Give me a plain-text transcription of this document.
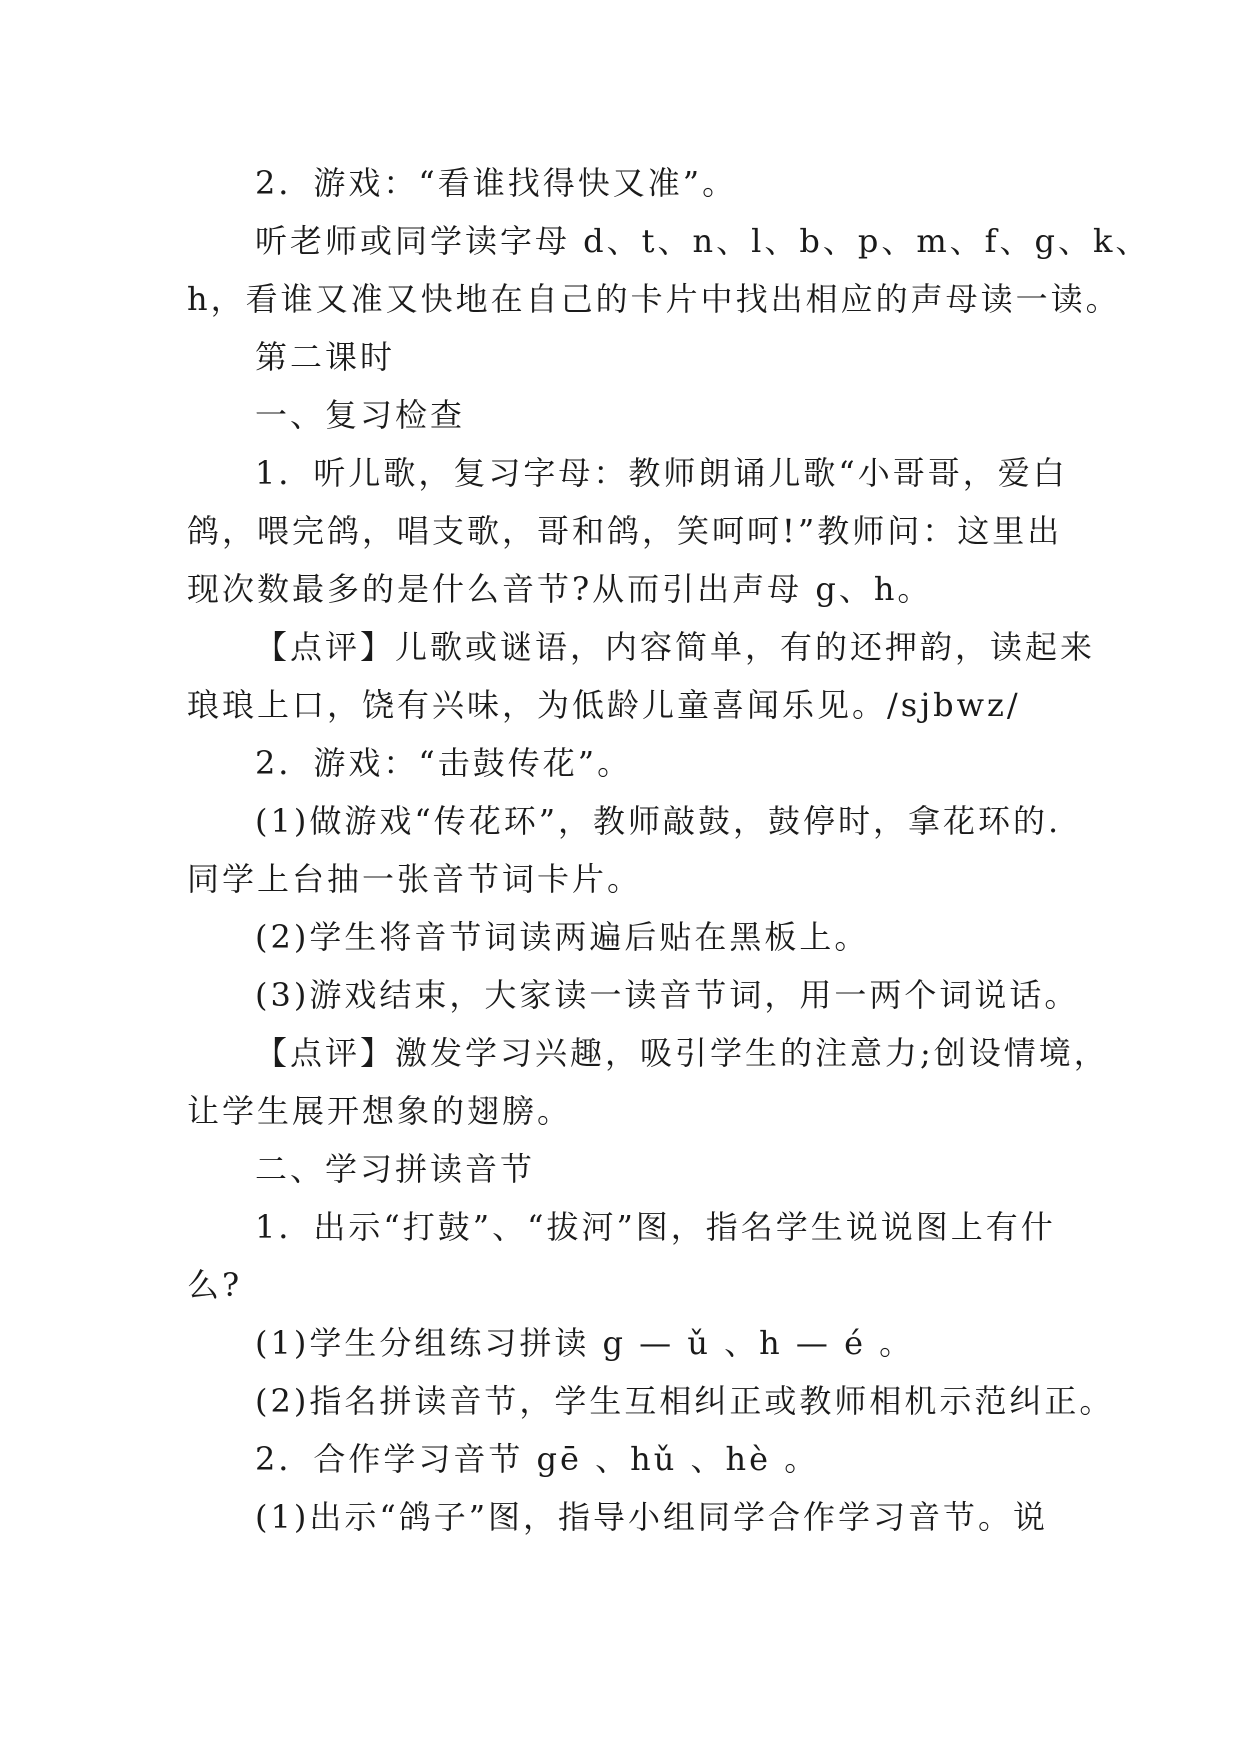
2．游戏：“看谁找得快又准”。
听老师或同学读字母 d、t、n、l、b、p、m、f、g、k、
h，看谁又准又快地在自己的卡片中找出相应的声母读一读。
第二课时
一、复习检查
1．听儿歌，复习字母：教师朗诵儿歌“小哥哥，爱白
鸽，喂完鸽，唱支歌，哥和鸽，笑呵呵!”教师问：这里出
现次数最多的是什么音节?从而引出声母 g、h。
【点评】儿歌或谜语，内容简单，有的还押韵，读起来
琅琅上口，饶有兴味，为低龄儿童喜闻乐见。/sjbwz/
2．游戏：“击鼓传花”。
(1)做游戏“传花环”，教师敲鼓，鼓停时，拿花环的.
同学上台抽一张音节词卡片。
(2)学生将音节词读两遍后贴在黑板上。
(3)游戏结束，大家读一读音节词，用一两个词说话。
【点评】激发学习兴趣，吸引学生的注意力;创设情境，
让学生展开想象的翅膀。
二、学习拼读音节
1．出示“打鼓”、“拔河”图，指名学生说说图上有什
么?
(1)学生分组练习拼读 g — ǔ 、h — é 。
(2)指名拼读音节，学生互相纠正或教师相机示范纠正。
2．合作学习音节 gē 、hǔ 、hè 。
(1)出示“鸽子”图，指导小组同学合作学习音节。说
